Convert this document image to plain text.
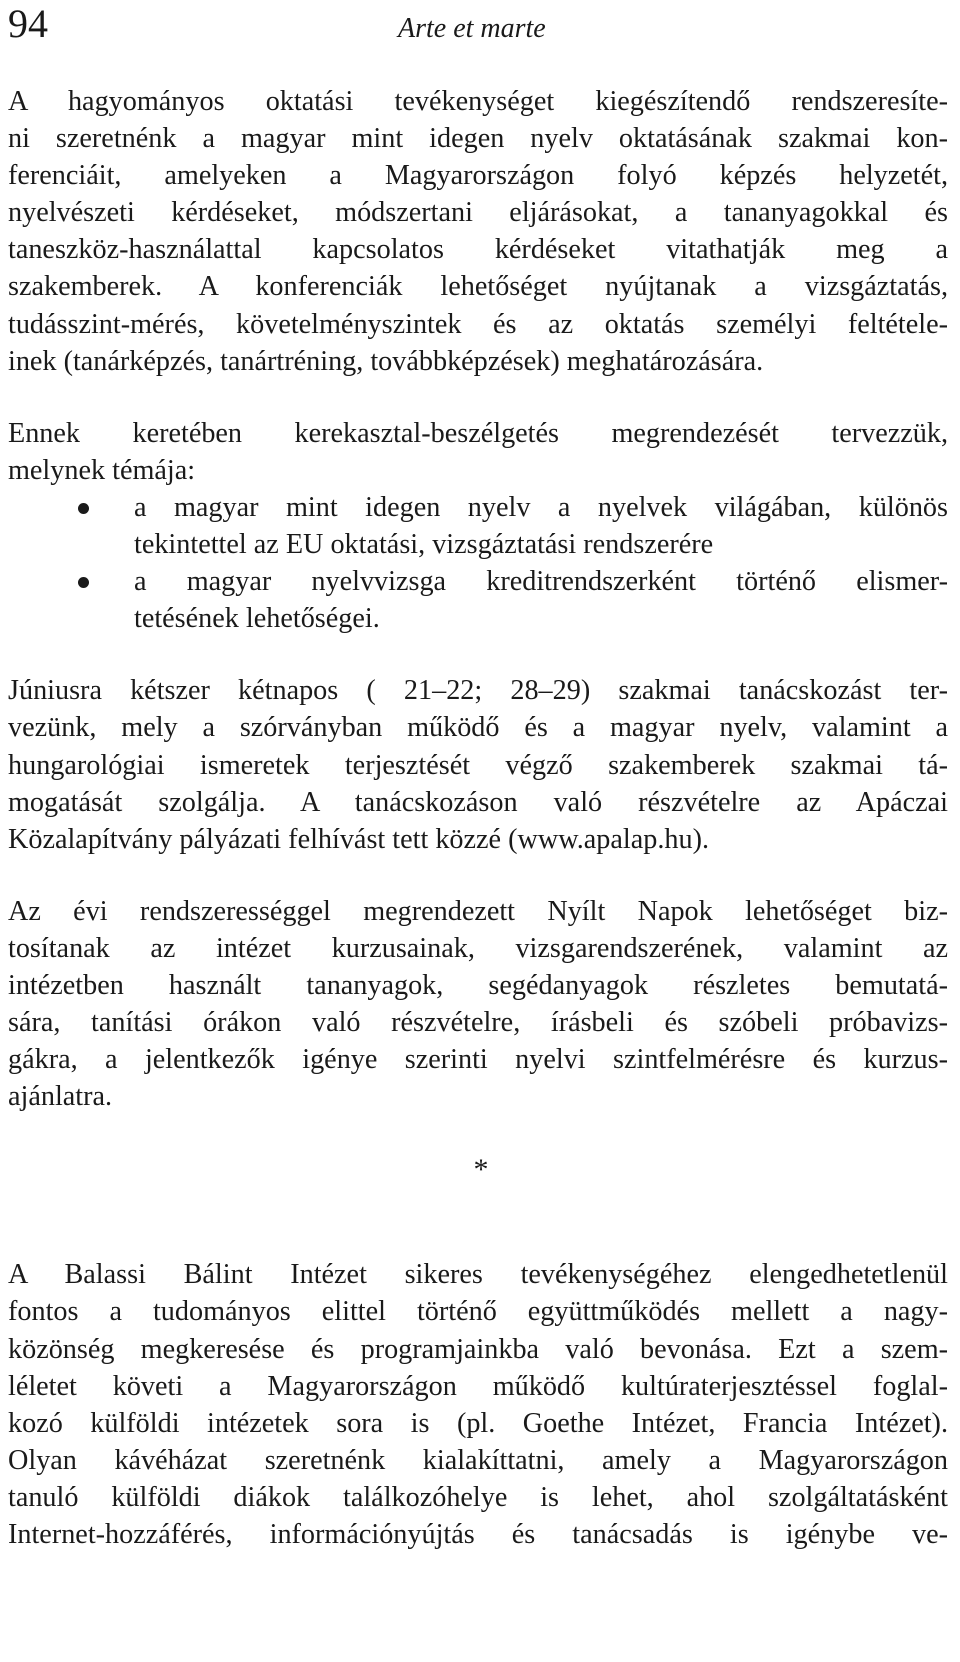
94	Arte et marte
A hagyományos oktatási tevékenységet kiegészítendő rendszeresíte-
ni szeretnénk a magyar mint idegen nyelv oktatásának szakmai kon-
ferenciáit, amelyeken a Magyarországon folyó képzés helyzetét,
nyelvészeti kérdéseket, módszertani eljárásokat, a tananyagokkal és
taneszköz-használattal kapcsolatos kérdéseket vitathatják meg a
szakemberek. A konferenciák lehetőséget nyújtanak a vizsgáztatás,
tudásszint-mérés, követelményszintek és az oktatás személyi feltétele-
inek (tanárképzés, tanártréning, továbbképzések) meghatározására.
Ennek keretében kerekasztal-beszélgetés megrendezését tervezzük,
melynek témája:
a magyar mint idegen nyelv a nyelvek világában, különös
tekintettel az EU oktatási, vizsgáztatási rendszerére
a magyar nyelvvizsga kreditrendszerként történő elismer-
tetésének lehetőségei.
Júniusra kétszer kétnapos ( 21–22; 28–29) szakmai tanácskozást ter-
vezünk, mely a szórványban működő és a magyar nyelv, valamint a
hungarológiai ismeretek terjesztését végző szakemberek szakmai tá-
mogatását szolgálja. A tanácskozáson való részvételre az Apáczai
Közalapítvány pályázati felhívást tett közzé (www.apalap.hu).
Az évi rendszerességgel megrendezett Nyílt Napok lehetőséget biz-
tosítanak az intézet kurzusainak, vizsgarendszerének, valamint az
intézetben használt tananyagok, segédanyagok részletes bemutatá-
sára, tanítási órákon való részvételre, írásbeli és szóbeli próbavizs-
gákra, a jelentkezők igénye szerinti nyelvi szintfelmérésre és kurzus-
ajánlatra.
*
A Balassi Bálint Intézet sikeres tevékenységéhez elengedhetetlenül
fontos a tudományos elittel történő együttműködés mellett a nagy-
közönség megkeresése és programjainkba való bevonása. Ezt a szem-
léletet követi a Magyarországon működő kultúraterjesztéssel foglal-
kozó külföldi intézetek sora is (pl. Goethe Intézet, Francia Intézet).
Olyan kávéházat szeretnénk kialakíttatni, amely a Magyarországon
tanuló külföldi diákok találkozóhelye is lehet, ahol szolgáltatásként
Internet-hozzáférés, információnyújtás és tanácsadás is igénybe ve-
